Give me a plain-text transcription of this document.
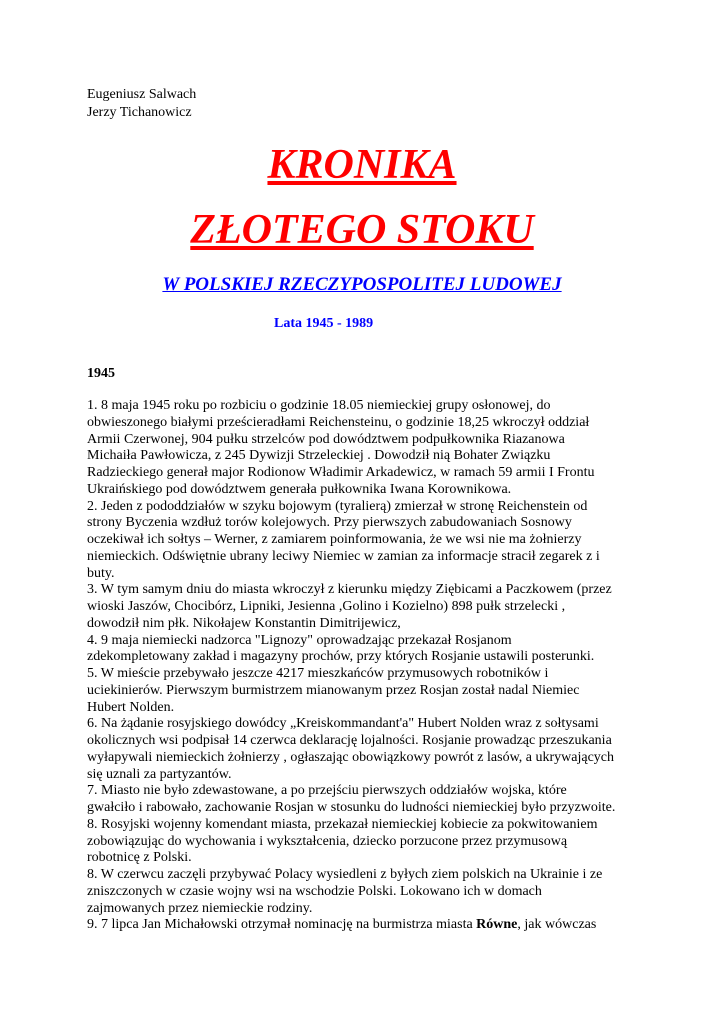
Eugeniusz Salwach
Jerzy Tichanowicz
KRONIKA
ZŁOTEGO STOKU
W POLSKIEJ RZECZYPOSPOLITEJ LUDOWEJ
Lata 1945 - 1989
1945
1. 8 maja 1945 roku po rozbiciu o godzinie 18.05 niemieckiej grupy osłonowej, do
obwieszonego białymi prześcieradłami Reichensteinu, o godzinie 18,25 wkroczył oddział
Armii Czerwonej, 904 pułku strzelców pod dowództwem podpułkownika Riazanowa
Michaiła Pawłowicza, z 245 Dywizji Strzeleckiej . Dowodził nią Bohater Związku
Radzieckiego generał major Rodionow Władimir Arkadewicz, w ramach 59 armii I Frontu
Ukraińskiego pod dowództwem generała pułkownika Iwana Korownikowa.
2. Jeden z pododdziałów w szyku bojowym (tyralierą) zmierzał w stronę Reichenstein od
strony Byczenia wzdłuż torów kolejowych. Przy pierwszych zabudowaniach Sosnowy
oczekiwał ich sołtys – Werner, z zamiarem poinformowania, że we wsi nie ma żołnierzy
niemieckich. Odświętnie ubrany leciwy Niemiec w zamian za informacje stracił zegarek z i
buty.
3. W tym samym dniu do miasta wkroczył z kierunku między Ziębicami a Paczkowem (przez
wioski Jaszów, Chocibórz, Lipniki, Jesienna ,Golino i Kozielno) 898 pułk strzelecki ,
dowodził nim płk. Nikołajew Konstantin Dimitrijewicz,
4. 9 maja niemiecki nadzorca "Lignozy" oprowadzając przekazał Rosjanom
zdekompletowany zakład i magazyny prochów, przy których Rosjanie ustawili posterunki.
5. W mieście przebywało jeszcze 4217 mieszkańców przymusowych robotników i
uciekinierów. Pierwszym burmistrzem mianowanym przez Rosjan został nadal Niemiec
Hubert Nolden.
6. Na żądanie rosyjskiego dowódcy „Kreiskommandant'a" Hubert Nolden wraz z sołtysami
okolicznych wsi podpisał 14 czerwca deklarację lojalności. Rosjanie prowadząc przeszukania
wyłapywali niemieckich żołnierzy , ogłaszając obowiązkowy powrót z lasów, a ukrywających
się uznali za partyzantów.
7. Miasto nie było zdewastowane, a po przejściu pierwszych oddziałów wojska, które
gwałciło i rabowało, zachowanie Rosjan w stosunku do ludności niemieckiej było przyzwoite.
8. Rosyjski wojenny komendant miasta, przekazał niemieckiej kobiecie za pokwitowaniem
zobowiązując do wychowania i wykształcenia, dziecko porzucone przez przymusową
robotnicę z Polski.
8. W czerwcu zaczęli przybywać Polacy wysiedleni z byłych ziem polskich na Ukrainie i ze
zniszczonych w czasie wojny wsi na wschodzie Polski. Lokowano ich w domach
zajmowanych przez niemieckie rodziny.
9. 7 lipca Jan Michałowski otrzymał nominację na burmistrza miasta Równe, jak wówczas
